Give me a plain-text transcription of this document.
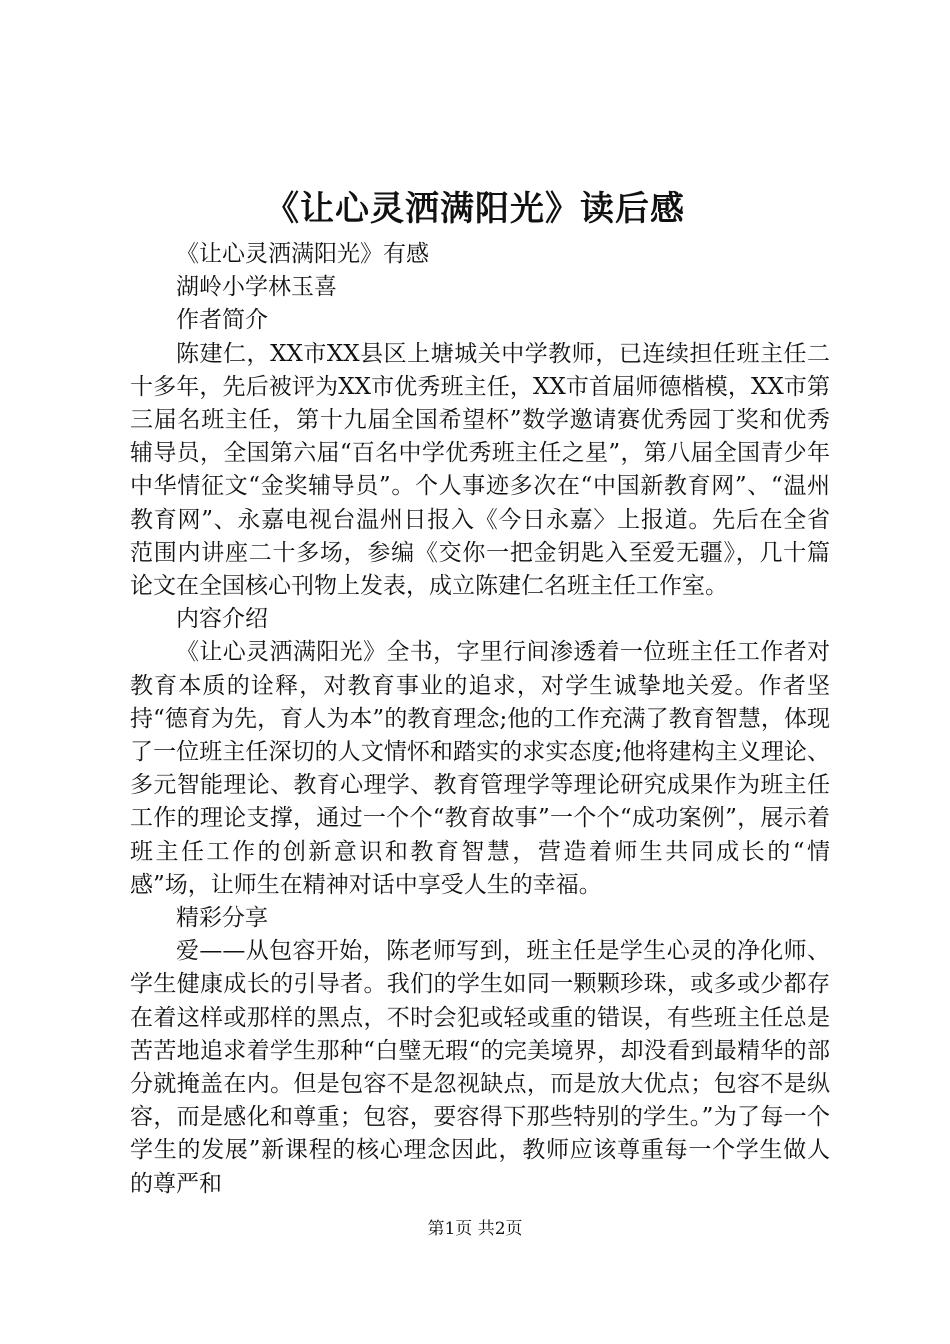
《让心灵洒满阳光》读后感

《让心灵洒满阳光》有感

湖岭小学林玉喜

作者简介

陈建仁，XX市XX县区上塘城关中学教师，已连续担任班主任二十多年，先后被评为XX市优秀班主任，XX市首届师德楷模，XX市第三届名班主任，第十九届全国希望杯”数学邀请赛优秀园丁奖和优秀辅导员，全国第六届“百名中学优秀班主任之星”，第八届全国青少年中华情征文“金奖辅导员”。个人事迹多次在“中国新教育网”、“温州教育网”、永嘉电视台温州日报入《今日永嘉〉上报道。先后在全省范围内讲座二十多场，参编《交你一把金钥匙入至爱无疆》，几十篇论文在全国核心刊物上发表，成立陈建仁名班主任工作室。

内容介绍

《让心灵洒满阳光》全书，字里行间渗透着一位班主任工作者对教育本质的诠释，对教育事业的追求，对学生诚挚地关爱。作者坚持“德育为先，育人为本”的教育理念;他的工作充满了教育智慧，体现了一位班主任深切的人文情怀和踏实的求实态度;他将建构主义理论、多元智能理论、教育心理学、教育管理学等理论研究成果作为班主任工作的理论支撑，通过一个个“教育故事”一个个“成功案例”，展示着班主任工作的创新意识和教育智慧，营造着师生共同成长的“情感”场，让师生在精神对话中享受人生的幸福。

精彩分享

爱——从包容开始，陈老师写到，班主任是学生心灵的净化师、学生健康成长的引导者。我们的学生如同一颗颗珍珠，或多或少都存在着这样或那样的黑点，不时会犯或轻或重的错误，有些班主任总是苦苦地追求着学生那种“白璧无瑕“的完美境界，却没看到最精华的部分就掩盖在内。但是包容不是忽视缺点，而是放大优点；包容不是纵容，而是感化和尊重；包容，要容得下那些特别的学生。”为了每一个学生的发展”新课程的核心理念因此，教师应该尊重每一个学生做人的尊严和

第1页 共2页
